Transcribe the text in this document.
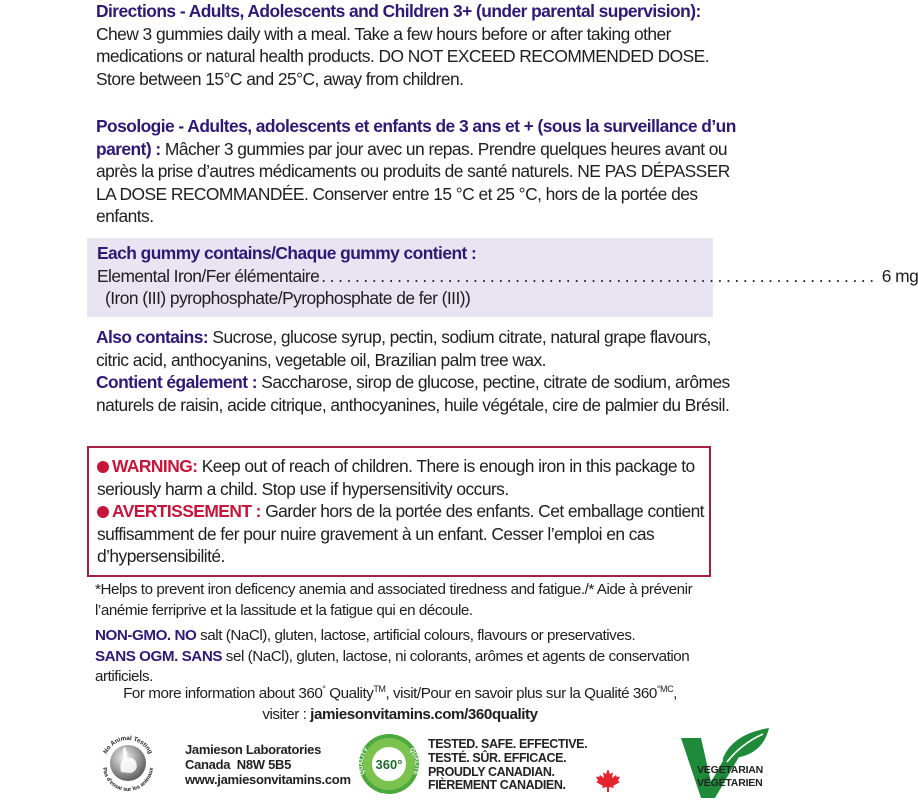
Directions - Adults, Adolescents and Children 3+ (under parental supervision): Chew 3 gummies daily with a meal. Take a few hours before or after taking other medications or natural health products. DO NOT EXCEED RECOMMENDED DOSE. Store between 15°C and 25°C, away from children.
Posologie - Adultes, adolescents et enfants de 3 ans et + (sous la surveillance d’un parent) : Mâcher 3 gummies par jour avec un repas. Prendre quelques heures avant ou après la prise d’autres médicaments ou produits de santé naturels. NE PAS DÉPASSER LA DOSE RECOMMANDÉE. Conserver entre 15 °C et 25 °C, hors de la portée des enfants.
Each gummy contains/Chaque gummy contient :
Elemental Iron/Fer élémentaire .................................................................. 6 mg
(Iron (III) pyrophosphate/Pyrophosphate de fer (III))
Also contains: Sucrose, glucose syrup, pectin, sodium citrate, natural grape flavours, citric acid, anthocyanins, vegetable oil, Brazilian palm tree wax.
Contient également : Saccharose, sirop de glucose, pectine, citrate de sodium, arômes naturels de raisin, acide citrique, anthocyanines, huile végétale, cire de palmier du Brésil.
WARNING: Keep out of reach of children. There is enough iron in this package to seriously harm a child. Stop use if hypersensitivity occurs.
AVERTISSEMENT : Garder hors de la portée des enfants. Cet emballage contient suffisamment de fer pour nuire gravement à un enfant. Cesser l’emploi en cas d’hypersensibilité.
*Helps to prevent iron deficency anemia and associated tiredness and fatigue./* Aide à prévenir l’anémie ferriprive et la lassitude et la fatigue qui en découle.
NON-GMO. NO salt (NaCl), gluten, lactose, artificial colours, flavours or preservatives.
SANS OGM. SANS sel (NaCl), gluten, lactose, ni colorants, arômes et agents de conservation artificiels.
For more information about 360° Quality™, visit/Pour en savoir plus sur la Qualité $360^{^\circ MC}$,
visiter : jamiesonvitamins.com/360quality
No Animal Testing
Pas d’essai sur les animaux
Jamieson Laboratories
Canada  N8W 5B5
www.jamiesonvitamins.com
360°
QUALITY	QUALITÉ
TESTED. SAFE. EFFECTIVE.
TESTÉ. SÛR. EFFICACE.
PROUDLY CANADIAN.
FIÈREMENT CANADIEN.
VEGETARIAN
VÉGÉTARIEN
